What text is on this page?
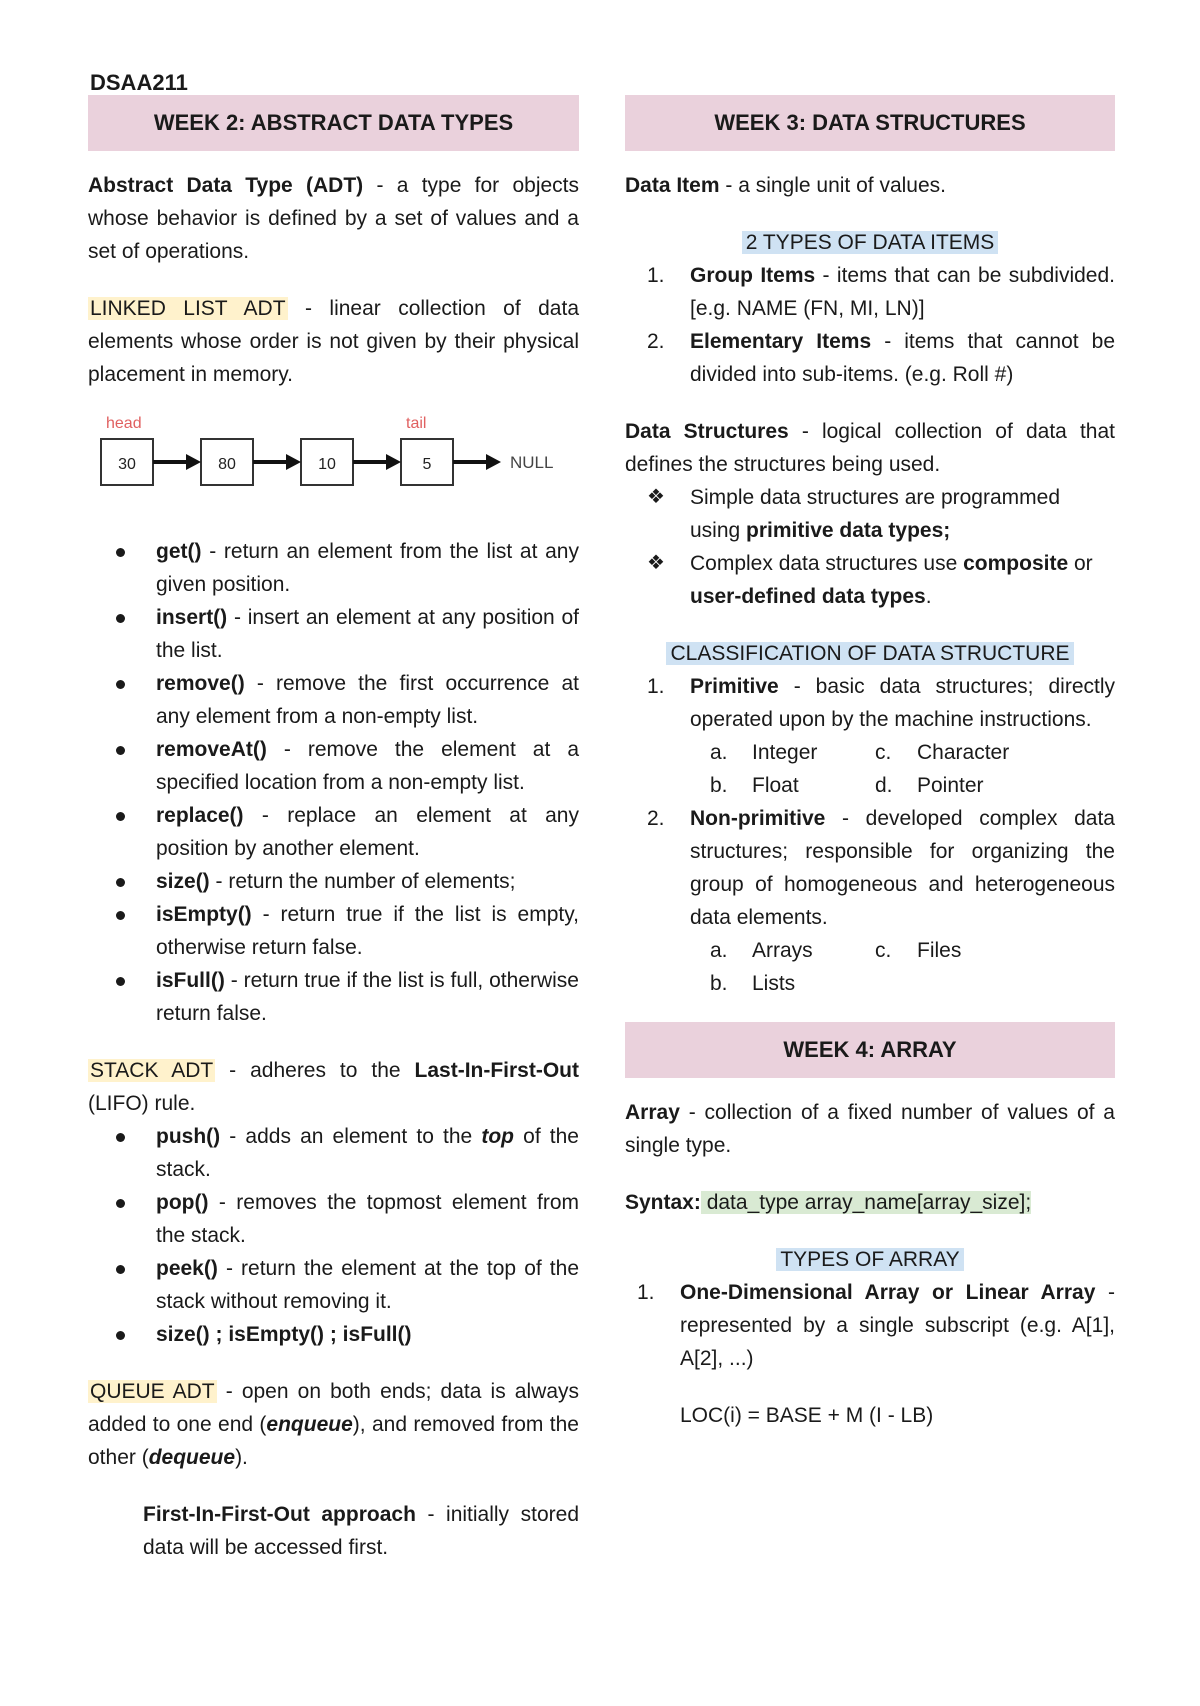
DSAA211
WEEK 2: ABSTRACT DATA TYPES

Abstract Data Type (ADT) - a type for objects whose behavior is defined by a set of values and a set of operations.

LINKED LIST ADT - linear collection of data elements whose order is not given by their physical placement in memory.

head	tail
30	80	10	5	NULL
get() - return an element from the list at any given position.
insert() - insert an element at any position of the list.
remove() - remove the first occurrence at any element from a non-empty list.
removeAt() - remove the element at a specified location from a non-empty list.
replace() - replace an element at any position by another element.
size() - return the number of elements;
isEmpty() - return true if the list is empty, otherwise return false.
isFull() - return true if the list is full, otherwise return false.

STACK ADT - adheres to the Last-In-First-Out (LIFO) rule.

push() - adds an element to the top of the stack.
pop() - removes the topmost element from the stack.
peek() - return the element at the top of the stack without removing it.
size() ; isEmpty() ; isFull()

QUEUE ADT - open on both ends; data is always added to one end (enqueue), and removed from the other (dequeue).

First-In-First-Out approach - initially stored data will be accessed first.

WEEK 3: DATA STRUCTURES

Data Item - a single unit of values.

2 TYPES OF DATA ITEMS
1. Group Items - items that can be subdivided. [e.g. NAME (FN, MI, LN)]
2. Elementary Items - items that cannot be divided into sub-items. (e.g. Roll #)

Data Structures - logical collection of data that defines the structures being used.

❖ Simple data structures are programmed using primitive data types;
❖ Complex data structures use composite or user-defined data types.
CLASSIFICATION OF DATA STRUCTURE
1. Primitive - basic data structures; directly operated upon by the machine instructions.
a.	Integer	c.	Character
b.	Float	d.	Pointer
2. Non-primitive - developed complex data structures; responsible for organizing the group of homogeneous and heterogeneous data elements.
a.	Arrays	c.	Files
b.	Lists
WEEK 4: ARRAY

Array - collection of a fixed number of values of a single type.

Syntax: data_type array_name[array_size];

TYPES OF ARRAY
1. One-Dimensional Array or Linear Array - represented by a single subscript (e.g. A[1], A[2], ...)
LOC(i) = BASE + M (I - LB)
